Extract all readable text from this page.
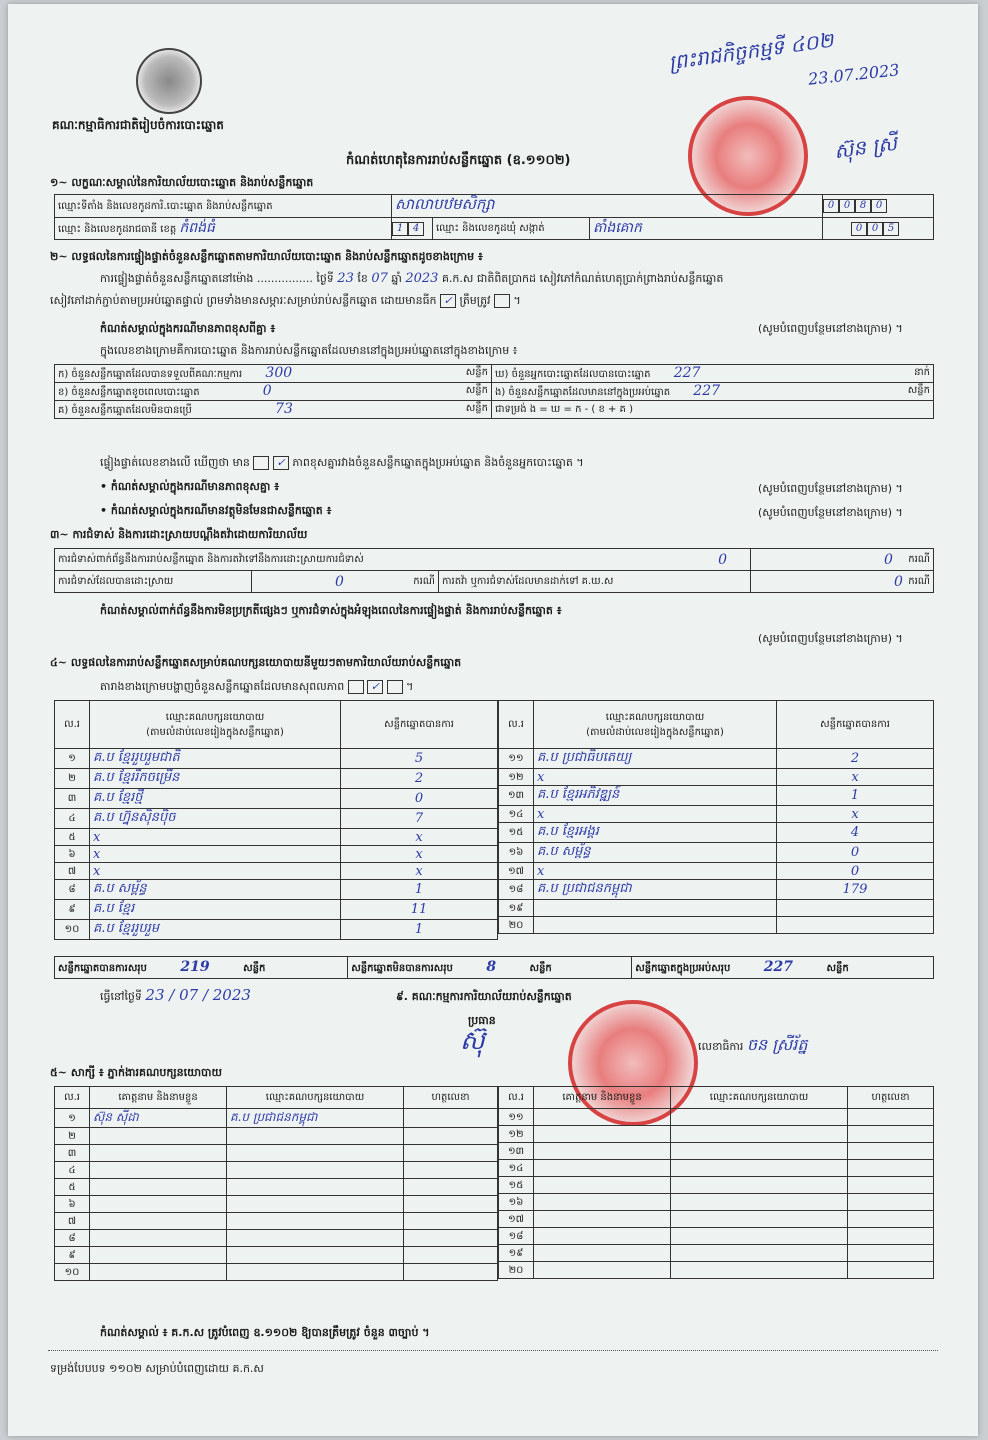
គណៈកម្មាធិការជាតិរៀបចំការបោះឆ្នោត
កំណត់ហេតុនៃការរាប់សន្លឹកឆ្នោត (ឧ.១១០២)
ព្រះរាជកិច្ចកម្មទី ៤០២
23.07.2023
ស៊ុន ស្រី
១~ លក្ខណៈសម្គាល់នៃការិយាល័យបោះឆ្នោត និងរាប់សន្លឹកឆ្នោត
ឈ្មោះទីតាំង និងលេខកូដការិ.បោះឆ្នោត និងរាប់សន្លឹកឆ្នោត	សាលាបឋមសិក្សា			0 0 8 0
ឈ្មោះ និងលេខកូដរាជធានី ខេត្ត កំពង់ធំ	1 4	ឈ្មោះ និងលេខកូដឃុំ សង្កាត់	តាំងគោក	0 0 5
២~ លទ្ធផលនៃការផ្ទៀងផ្ទាត់ចំនួនសន្លឹកឆ្នោតតាមការិយាល័យបោះឆ្នោត និងរាប់សន្លឹកឆ្នោតដូចខាងក្រោម ៖
ការផ្ទៀងផ្ទាត់ចំនួនសន្លឹកឆ្នោតនៅម៉ោង ................ ថ្ងៃទី 23 ខែ 07 ឆ្នាំ 2023 គ.ក.ស ជាតិពិតប្រាកដ សៀវភៅកំណត់ហេតុប្រាក់ព្រាងរាប់សន្លឹកឆ្នោត
សៀវភៅដាក់ភ្ជាប់តាមប្រអប់ឆ្នោតផ្ទាល់ ព្រមទាំងមានសម្ភារៈសម្រាប់រាប់សន្លឹកឆ្នោត ដោយមានធីក ✓ ត្រឹមត្រូវ  ។
កំណត់សម្គាល់ក្នុងករណីមានភាពខុសពីគ្នា ៖	(សូមបំពេញបន្ថែមនៅខាងក្រោម) ។
ក្នុងលេខខាងក្រោមគឺការបោះឆ្នោត និងការរាប់សន្លឹកឆ្នោតដែលមាននៅក្នុងប្រអប់ឆ្នោតនៅក្នុងខាងក្រោម ៖
ក) ចំនួនសន្លឹកឆ្នោតដែលបានទទួលពីគណៈកម្មការ 300 សន្លឹក	ឃ) ចំនួនអ្នកបោះឆ្នោតដែលបានបោះឆ្នោត 227 នាក់

ខ) ចំនួនសន្លឹកឆ្នោតខូចពេលបោះឆ្នោត 0 សន្លឹក	ង) ចំនួនសន្លឹកឆ្នោតដែលមាននៅក្នុងប្រអប់ឆ្នោត 227 សន្លឹក

គ) ចំនួនសន្លឹកឆ្នោតដែលមិនបានប្រើ 73 សន្លឹក	ជាទម្រង់ ង = ឃ = ក - ( ខ + គ )
ផ្ទៀងផ្ទាត់លេខខាងលើ ឃើញថា មាន ✓ ភាពខុសគ្នារវាងចំនួនសន្លឹកឆ្នោតក្នុងប្រអប់ឆ្នោត និងចំនួនអ្នកបោះឆ្នោត ។
• កំណត់សម្គាល់ក្នុងករណីមានភាពខុសគ្នា ៖	(សូមបំពេញបន្ថែមនៅខាងក្រោម) ។
• កំណត់សម្គាល់ក្នុងករណីមានវត្ថុមិនមែនជាសន្លឹកឆ្នោត ៖	(សូមបំពេញបន្ថែមនៅខាងក្រោម) ។
៣~ ការជំទាស់ និងការដោះស្រាយបណ្តឹងតវ៉ាដោយការិយាល័យ
ការជំទាស់ពាក់ព័ន្ធនឹងការរាប់សន្លឹកឆ្នោត និងការតវ៉ាទៅនឹងការដោះស្រាយការជំទាស់ 0			0 ករណី

ការជំទាស់ដែលបានដោះស្រាយ	0 ករណី	ការតវ៉ា ឬការជំទាស់ដែលមានដាក់ទៅ គ.ឃ.ស	0 ករណី
កំណត់សម្គាល់ពាក់ព័ន្ធនឹងការមិនប្រក្រតីផ្សេងៗ ឬការជំទាស់ក្នុងអំឡុងពេលនៃការផ្ទៀងផ្ទាត់ និងការរាប់សន្លឹកឆ្នោត ៖
(សូមបំពេញបន្ថែមនៅខាងក្រោម) ។
៤~ លទ្ធផលនៃការរាប់សន្លឹកឆ្នោតសម្រាប់គណបក្សនយោបាយនីមួយៗតាមការិយាល័យរាប់សន្លឹកឆ្នោត
តារាងខាងក្រោមបង្ហាញចំនួនសន្លឹកឆ្នោតដែលមានសុពលភាព ✓  ។
ល.រ	ឈ្មោះគណបក្សនយោបាយ
(តាមលំដាប់លេខរៀងក្នុងសន្លឹកឆ្នោត)	សន្លឹកឆ្នោតបានការ
១	គ.ប ខ្មែររួបរួមជាតិ	5
២	គ.ប ខ្មែររីកចម្រើន	2
៣	គ.ប ខ្មែរថ្មី	0
៤	គ.ប ហ្វ៊ុនស៊ិនប៉ិច	7
៥	x	x
៦	x	x
៧	x	x
៨	គ.ប សម្ព័ន្ធ	1
៩	គ.ប ខ្មែរ	11
១០	គ.ប ខ្មែររួបរួម	1
ល.រ	ឈ្មោះគណបក្សនយោបាយ
(តាមលំដាប់លេខរៀងក្នុងសន្លឹកឆ្នោត)	សន្លឹកឆ្នោតបានការ
១១	គ.ប ប្រជាធិបតេយ្យ	2
១២	x	x
១៣	គ.ប ខ្មែរអភិវឌ្ឍន៍	1
១៤	x	x
១៥	គ.ប ខ្មែរអង្គរ	4
១៦	គ.ប សម្ព័ន្ធ	0
១៧	x	0
១៨	គ.ប ប្រជាជនកម្ពុជា	179
១៩		
២០		
សន្លឹកឆ្នោតបានការសរុប 219	សន្លឹក	សន្លឹកឆ្នោតមិនបានការសរុប 8	សន្លឹក	សន្លឹកឆ្នោតក្នុងប្រអប់សរុប 227	សន្លឹក
ធ្វើនៅថ្ងៃទី 23 / 07 / 2023	៩. គណៈកម្មការការិយាល័យរាប់សន្លឹកឆ្នោត
ប្រធាន
ស៊ុ	លេខាធិការ ចន ស្រីរ័ត្ន
៥~ សាក្សី ៖ ភ្នាក់ងារគណបក្សនយោបាយ
ល.រ	គោត្តនាម និងនាមខ្លួន	ឈ្មោះគណបក្សនយោបាយ	ហត្ថលេខា
១	ស៊ុន ស៊ីដា	គ.ប ប្រជាជនកម្ពុជា	
២			
៣			
៤			
៥			
៦			
៧			
៨			
៩			
១០			
ល.រ	គោត្តនាម និងនាមខ្លួន	ឈ្មោះគណបក្សនយោបាយ	ហត្ថលេខា
១១			
១២			
១៣			
១៤			
១៥			
១៦			
១៧			
១៨			
១៩			
២០			
កំណត់សម្គាល់ ៖ គ.ក.ស ត្រូវបំពេញ ឧ.១១០២ ឱ្យបានត្រឹមត្រូវ ចំនួន ៣ច្បាប់ ។
ទម្រង់បែបបទ ១១០២ សម្រាប់បំពេញដោយ គ.ក.ស
